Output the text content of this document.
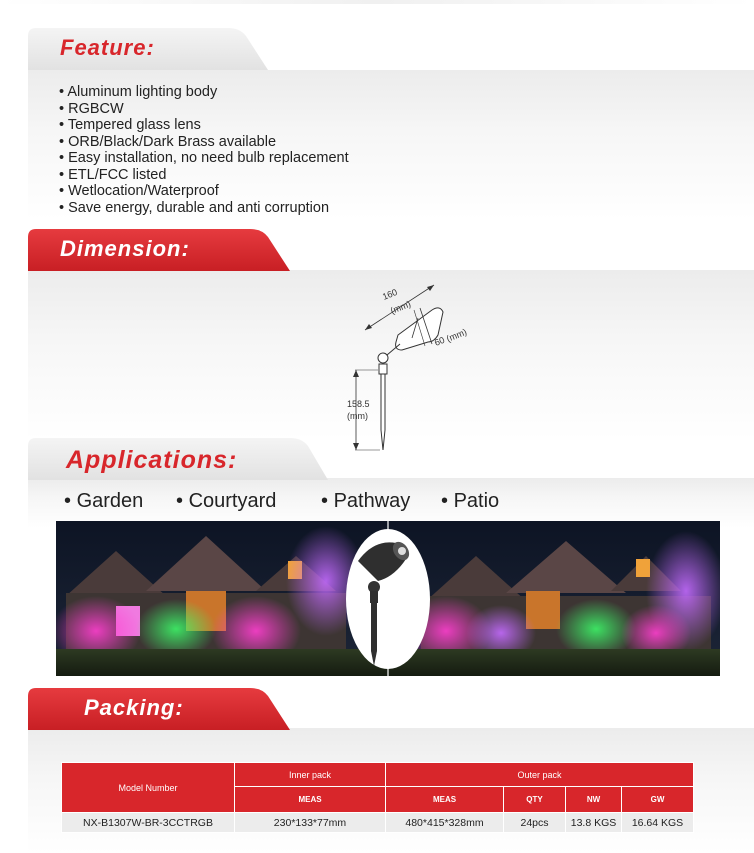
Feature:
• Aluminum lighting body
• RGBCW
• Tempered glass lens
• ORB/Black/Dark Brass available
• Easy installation, no need bulb replacement
• ETL/FCC listed
• Wetlocation/Waterproof
• Save energy, durable and anti corruption
Dimension:
160
(mm)
60
(mm)
158.5
(mm)
Applications:
• Garden • Courtyard • Pathway • Patio
Packing:
Model Number	Inner pack	Outer pack			
	MEAS	MEAS	QTY	NW	GW
NX-B1307W-BR-3CCTRGB	230*133*77mm	480*415*328mm	24pcs	13.8 KGS	16.64 KGS
